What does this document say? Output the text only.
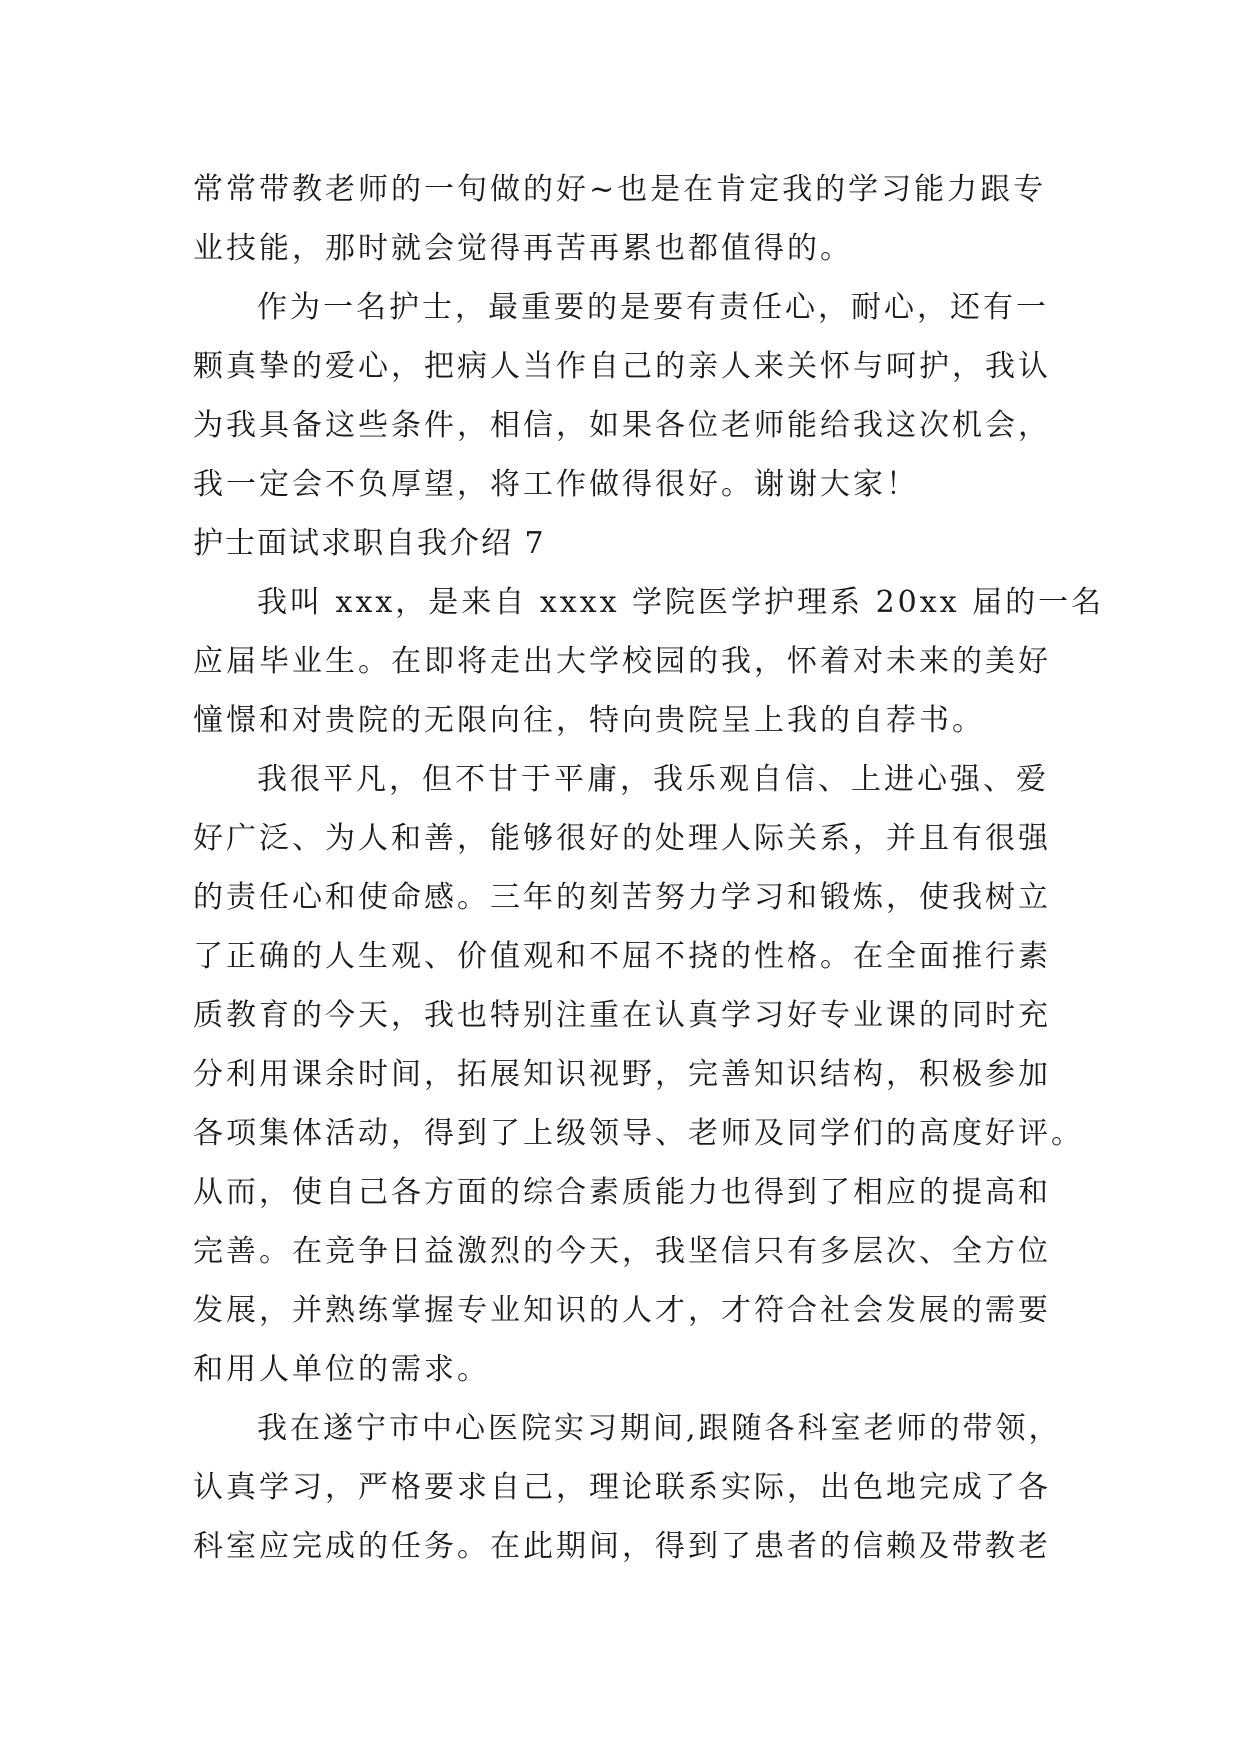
常常带教老师的一句做的好~也是在肯定我的学习能力跟专
业技能，那时就会觉得再苦再累也都值得的。
作为一名护士，最重要的是要有责任心，耐心，还有一
颗真挚的爱心，把病人当作自己的亲人来关怀与呵护，我认
为我具备这些条件，相信，如果各位老师能给我这次机会，
我一定会不负厚望，将工作做得很好。谢谢大家！
护士面试求职自我介绍 7
我叫 xxx，是来自 xxxx 学院医学护理系 20xx 届的一名
应届毕业生。在即将走出大学校园的我，怀着对未来的美好
憧憬和对贵院的无限向往，特向贵院呈上我的自荐书。
我很平凡，但不甘于平庸，我乐观自信、上进心强、爱
好广泛、为人和善，能够很好的处理人际关系，并且有很强
的责任心和使命感。三年的刻苦努力学习和锻炼，使我树立
了正确的人生观、价值观和不屈不挠的性格。在全面推行素
质教育的今天，我也特别注重在认真学习好专业课的同时充
分利用课余时间，拓展知识视野，完善知识结构，积极参加
各项集体活动，得到了上级领导、老师及同学们的高度好评。
从而，使自己各方面的综合素质能力也得到了相应的提高和
完善。在竞争日益激烈的今天，我坚信只有多层次、全方位
发展，并熟练掌握专业知识的人才，才符合社会发展的需要
和用人单位的需求。
我在遂宁市中心医院实习期间,跟随各科室老师的带领，
认真学习，严格要求自己，理论联系实际，出色地完成了各
科室应完成的任务。在此期间，得到了患者的信赖及带教老
